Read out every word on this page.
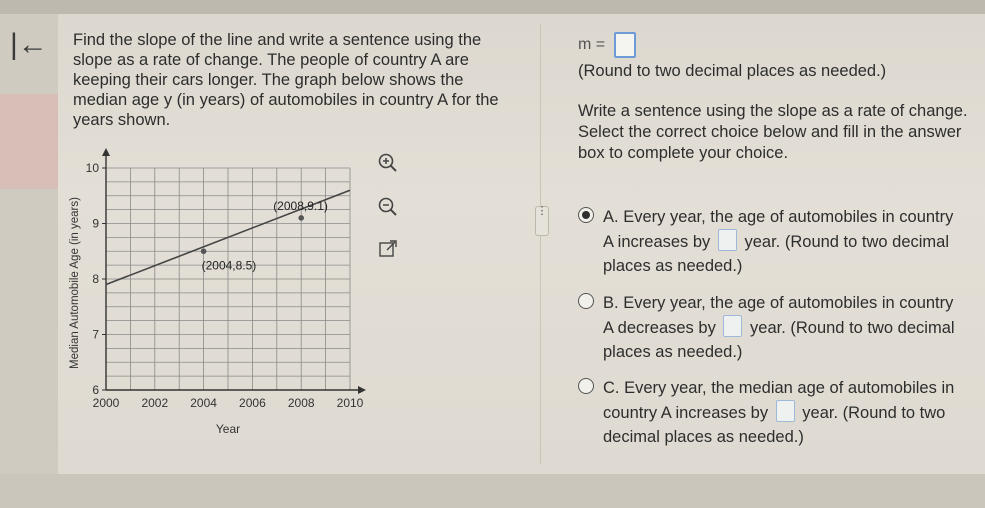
|← Find the slope of the line and write a sentence using the slope as a rate of change. The people of country A are keeping their cars longer. The graph below shows the median age y (in years) of automobiles in country A for the years shown.
2000 2002 2004 2006 2008 2010
6
7
8
9
10
(2004,8.5)
(2008,9.1)
Year
Median Automobile Age (in years)	⋮
m =
(Round to two decimal places as needed.)
Write a sentence using the slope as a rate of change. Select the correct choice below and fill in the answer box to complete your choice.
A. Every year, the age of automobiles in country A increases by year. (Round to two decimal places as needed.)
B. Every year, the age of automobiles in country A decreases by year. (Round to two decimal places as needed.)
C. Every year, the median age of automobiles in country A increases by year. (Round to two decimal places as needed.)
